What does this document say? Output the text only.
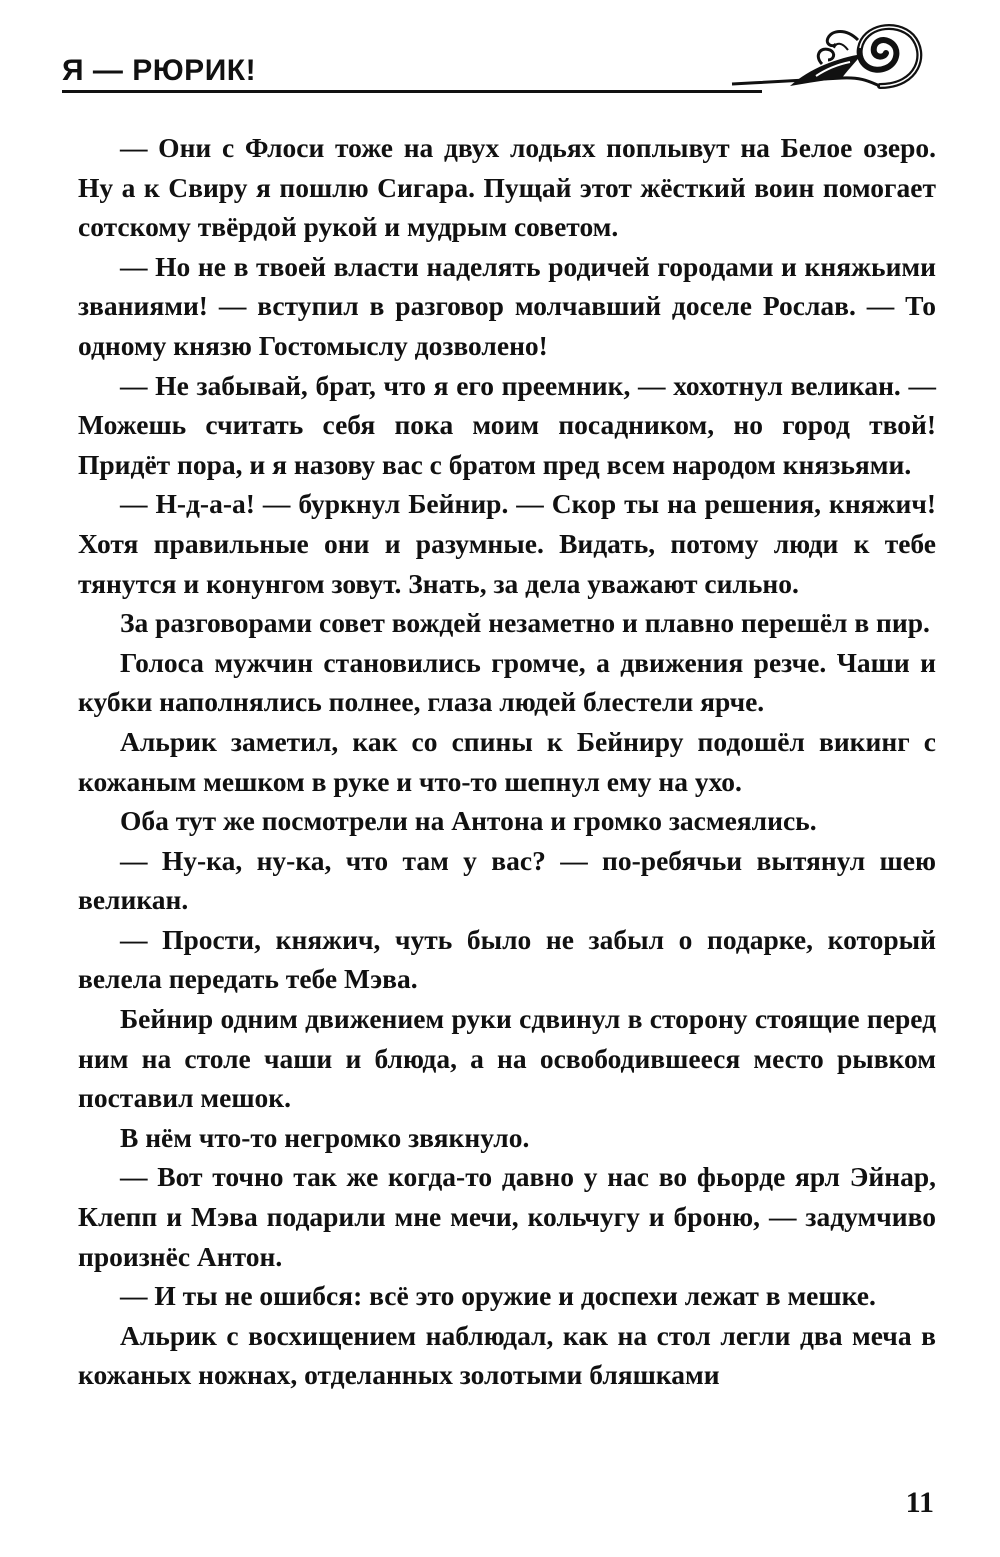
Я — РЮРИК!

— Они с Флоси тоже на двух лодьях поплывут на Белое озеро. Ну а к Свиру я пошлю Сигара. Пущай этот жёсткий воин помогает сотскому твёрдой рукой и мудрым советом.

— Но не в твоей власти наделять родичей городами и княжьими званиями! — вступил в разговор молчавший доселе Рослав. — То одному князю Гостомыслу дозволено!

— Не забывай, брат, что я его преемник, — хохотнул великан. — Можешь считать себя пока моим посадником, но город твой! Придёт пора, и я назову вас с братом пред всем народом князьями.

— Н-д-а-а! — буркнул Бейнир. — Скор ты на решения, княжич! Хотя правильные они и разумные. Видать, потому люди к тебе тянутся и конунгом зовут. Знать, за дела уважают сильно.

За разговорами совет вождей незаметно и плавно перешёл в пир.

Голоса мужчин становились громче, а движения резче. Чаши и кубки наполнялись полнее, глаза людей блестели ярче.

Альрик заметил, как со спины к Бейниру подошёл викинг с кожаным мешком в руке и что-то шепнул ему на ухо.

Оба тут же посмотрели на Антона и громко засмеялись.

— Ну-ка, ну-ка, что там у вас? — по-ребячьи вытянул шею великан.

— Прости, княжич, чуть было не забыл о подарке, который велела передать тебе Мэва.

Бейнир одним движением руки сдвинул в сторону стоящие перед ним на столе чаши и блюда, а на освободившееся место рывком поставил мешок.

В нём что-то негромко звякнуло.

— Вот точно так же когда-то давно у нас во фьорде ярл Эйнар, Клепп и Мэва подарили мне мечи, кольчугу и броню, — задумчиво произнёс Антон.

— И ты не ошибся: всё это оружие и доспехи лежат в мешке.

Альрик с восхищением наблюдал, как на стол легли два меча в кожаных ножнах, отделанных золотыми бляшками

11
